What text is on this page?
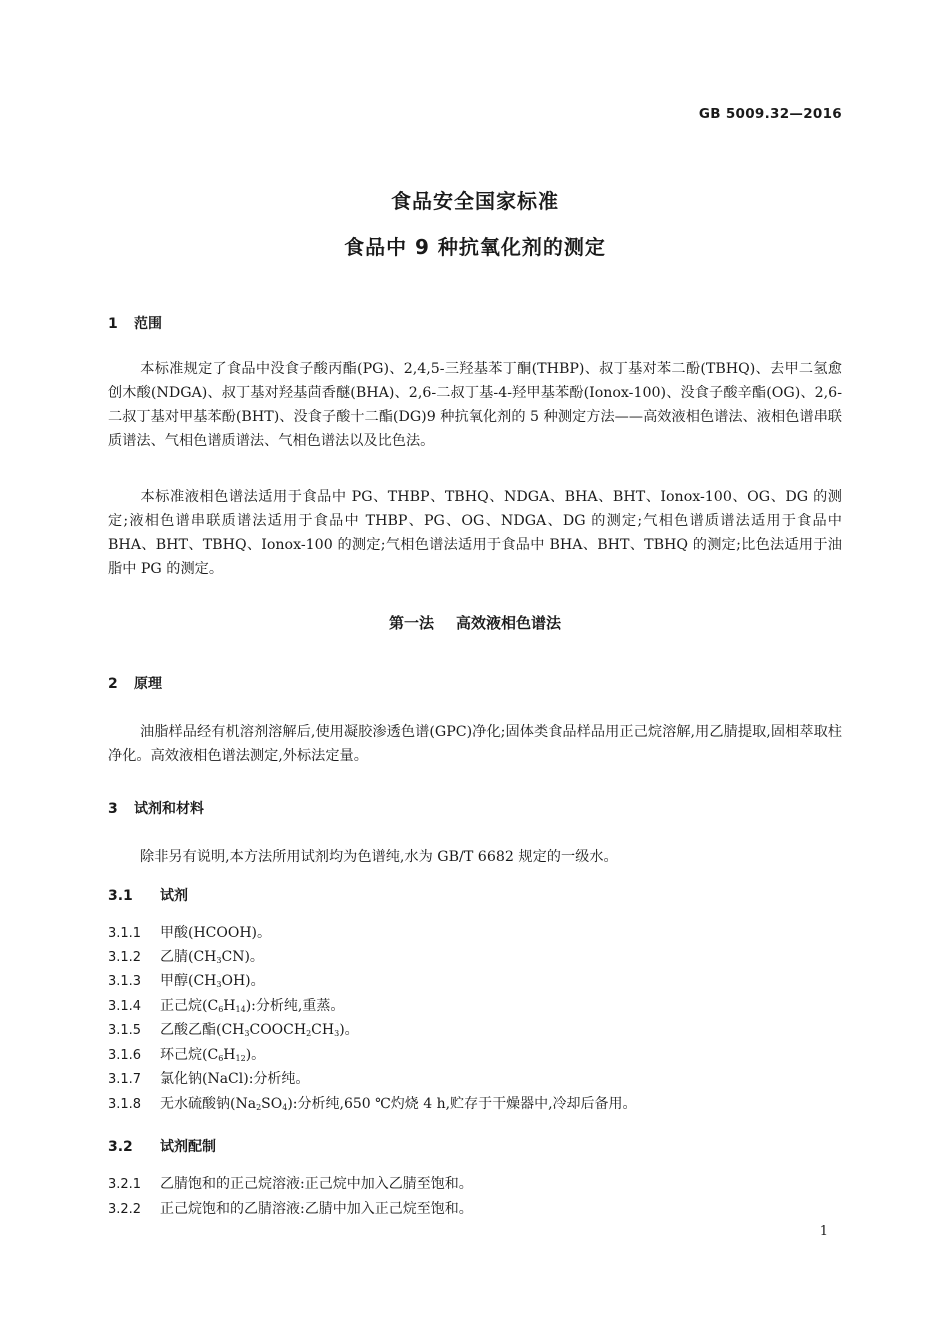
GB 5009.32—2016
食品安全国家标准
食品中 9 种抗氧化剂的测定
1 范围
本标准规定了食品中没食子酸丙酯(PG)、2,4,5-三羟基苯丁酮(THBP)、叔丁基对苯二酚(TBHQ)、去甲二氢愈创木酸(NDGA)、叔丁基对羟基茴香醚(BHA)、2,6-二叔丁基-4-羟甲基苯酚(Ionox-100)、没食子酸辛酯(OG)、2,6-二叔丁基对甲基苯酚(BHT)、没食子酸十二酯(DG)9 种抗氧化剂的 5 种测定方法——高效液相色谱法、液相色谱串联质谱法、气相色谱质谱法、气相色谱法以及比色法。
本标准液相色谱法适用于食品中 PG、THBP、TBHQ、NDGA、BHA、BHT、Ionox-100、OG、DG 的测定;液相色谱串联质谱法适用于食品中 THBP、PG、OG、NDGA、DG 的测定;气相色谱质谱法适用于食品中 BHA、BHT、TBHQ、Ionox-100 的测定;气相色谱法适用于食品中 BHA、BHT、TBHQ 的测定;比色法适用于油脂中 PG 的测定。
第一法 高效液相色谱法
2 原理
油脂样品经有机溶剂溶解后,使用凝胶渗透色谱(GPC)净化;固体类食品样品用正己烷溶解,用乙腈提取,固相萃取柱净化。高效液相色谱法测定,外标法定量。
3 试剂和材料
除非另有说明,本方法所用试剂均为色谱纯,水为 GB/T 6682 规定的一级水。
3.1 试剂
3.1.1 甲酸(HCOOH)。
3.1.2 乙腈$(CH_3CN)$。
3.1.3 甲醇$(CH_3OH)$。
3.1.4 正己烷$(C_6H_{14})$:分析纯,重蒸。
3.1.5 乙酸乙酯$(CH_3COOCH_2CH_3)$。
3.1.6 环己烷$(C_6H_{12})$。
3.1.7 氯化钠(NaCl):分析纯。
3.1.8 无水硫酸钠$(Na_2SO_4)$:分析纯,650 ℃灼烧 4 h,贮存于干燥器中,冷却后备用。
3.2 试剂配制
3.2.1 乙腈饱和的正己烷溶液:正己烷中加入乙腈至饱和。
3.2.2 正己烷饱和的乙腈溶液:乙腈中加入正己烷至饱和。
1
